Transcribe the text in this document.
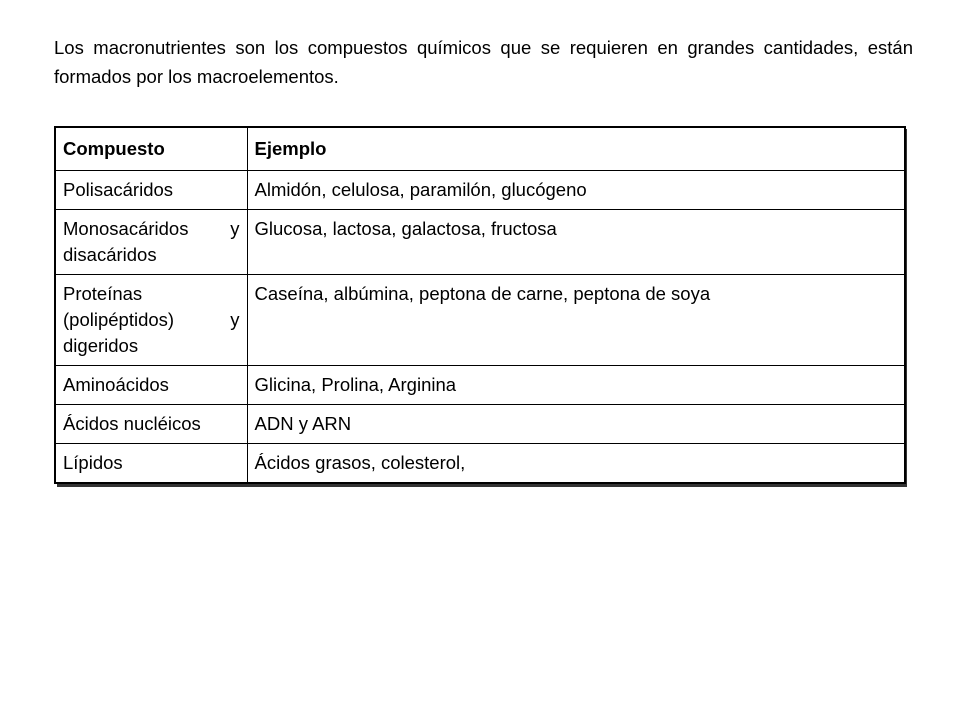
Los macronutrientes son los compuestos químicos que se requieren en grandes cantidades, están formados por los macroelementos.

Compuesto	Ejemplo
Polisacáridos	Almidón, celulosa, paramilón, glucógeno
Monosacáridos y disacáridos	Glucosa, lactosa, galactosa, fructosa
Proteínas (polipéptidos) y digeridos	Caseína, albúmina, peptona de carne, peptona de soya
Aminoácidos	Glicina, Prolina, Arginina
Ácidos nucléicos	ADN y ARN
Lípidos	Ácidos grasos, colesterol,
